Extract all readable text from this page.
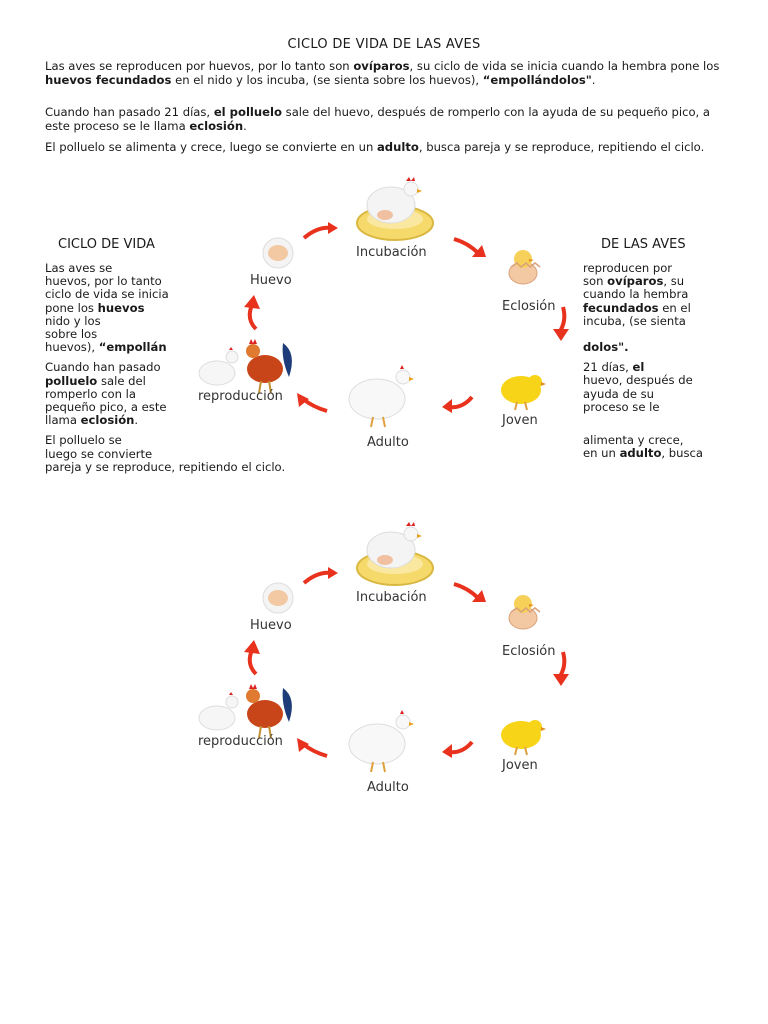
CICLO DE VIDA DE LAS AVES
Las aves se reproducen por huevos, por lo tanto son ovíparos, su ciclo de vida se inicia cuando la hembra pone los huevos fecundados en el nido y los incuba, (se sienta sobre los huevos), “empollándolos".
Cuando han pasado 21 días, el polluelo sale del huevo, después de romperlo con la ayuda de su pequeño pico, a este proceso se le llama eclosión.
El polluelo se alimenta y crece, luego se convierte en un adulto, busca pareja y se reproduce, repitiendo el ciclo.
CICLO DE VIDA
Las aves se
huevos, por lo tanto
ciclo de vida se inicia
pone los huevos
nido y los
sobre los
huevos), “empollán
Cuando han pasado
polluelo sale del
romperlo con la
pequeño pico, a este
llama eclosión.
El polluelo se
luego se convierte
pareja y se reproduce, repitiendo el ciclo.
DE LAS AVES
reproducen por
son ovíparos, su
cuando la hembra
fecundados en el
incuba, (se sienta
dolos".
21 días, el
huevo, después de
ayuda de su
proceso se le
alimenta y crece,
en un adulto, busca
Incubación
Huevo
Eclosión
reproducción
Joven
Adulto
Incubación
Huevo
Eclosión
reproducción
Joven
Adulto
